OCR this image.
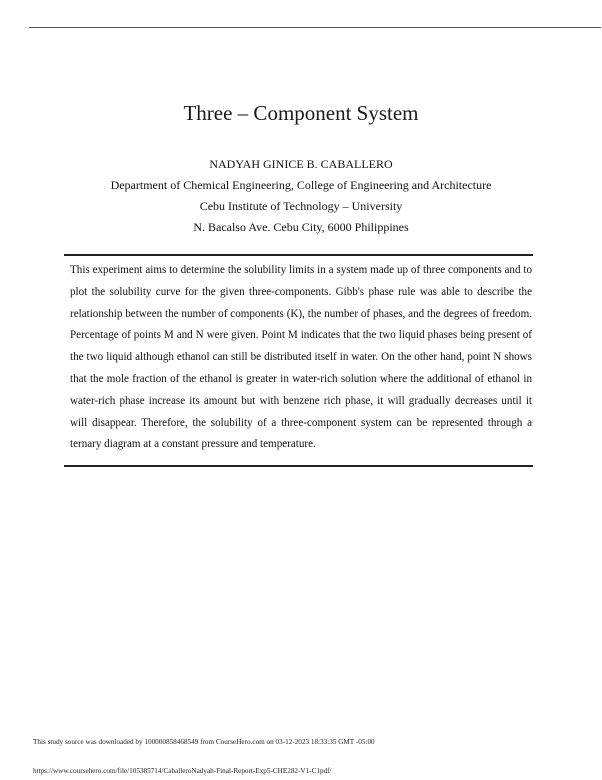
Three – Component System
NADYAH GINICE B. CABALLERO
Department of Chemical Engineering, College of Engineering and Architecture
Cebu Institute of Technology – University
N. Bacalso Ave. Cebu City, 6000 Philippines

This experiment aims to determine the solubility limits in a system made up of three components and to plot the solubility curve for the given three-components. Gibb's phase rule was able to describe the relationship between the number of components (K), the number of phases, and the degrees of freedom. Percentage of points M and N were given. Point M indicates that the two liquid phases being present of the two liquid although ethanol can still be distributed itself in water. On the other hand, point N shows that the mole fraction of the ethanol is greater in water-rich solution where the additional of ethanol in water-rich phase increase its amount but with benzene rich phase, it will gradually decreases until it will disappear. Therefore, the solubility of a three-component system can be represented through a ternary diagram at a constant pressure and temperature.

This study source was downloaded by 100000858468549 from CourseHero.com on 03-12-2023 18:33:35 GMT -05:00
https://www.coursehero.com/file/105385714/CaballeroNadyah-Final-Report-Exp5-CHE282-V1-C1pdf/
